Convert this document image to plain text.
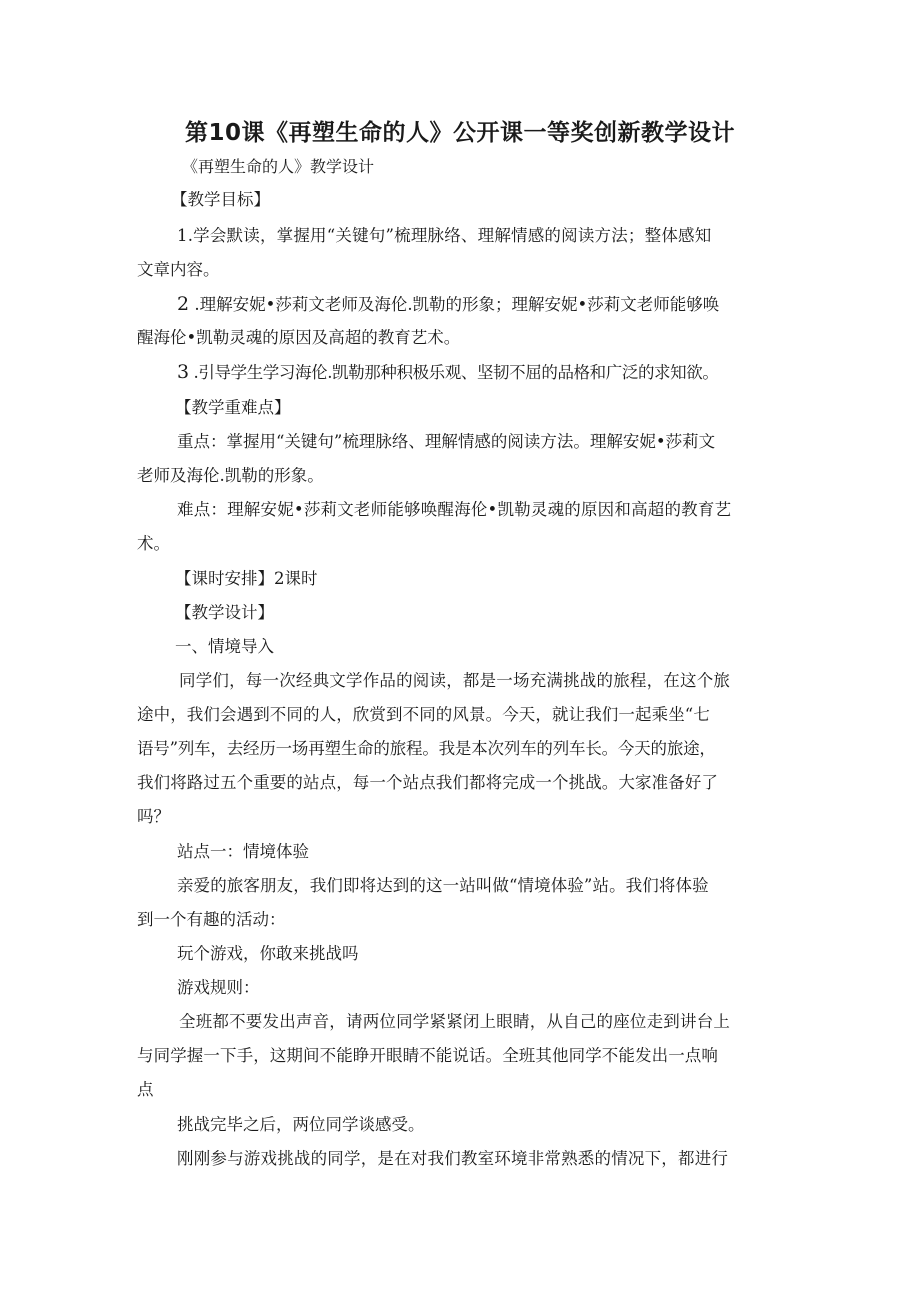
第10课《再塑生命的人》公开课一等奖创新教学设计

《再塑生命的人》教学设计

【教学目标】

1.学会默读，掌握用“关键句”梳理脉络、理解情感的阅读方法；整体感知

文章内容。

2 .理解安妮•莎莉文老师及海伦.凯勒的形象；理解安妮•莎莉文老师能够唤

醒海伦•凯勒灵魂的原因及高超的教育艺术。

3 .引导学生学习海伦.凯勒那种积极乐观、坚韧不屈的品格和广泛的求知欲。

【教学重难点】

重点：掌握用“关键句”梳理脉络、理解情感的阅读方法。理解安妮•莎莉文

老师及海伦.凯勒的形象。

难点：理解安妮•莎莉文老师能够唤醒海伦•凯勒灵魂的原因和高超的教育艺

术。

【课时安排】2课时

【教学设计】

一、情境导入

同学们，每一次经典文学作品的阅读，都是一场充满挑战的旅程，在这个旅

途中，我们会遇到不同的人，欣赏到不同的风景。今天，就让我们一起乘坐“七

语号”列车，去经历一场再塑生命的旅程。我是本次列车的列车长。今天的旅途，

我们将路过五个重要的站点，每一个站点我们都将完成一个挑战。大家准备好了

吗？

站点一：情境体验

亲爱的旅客朋友，我们即将达到的这一站叫做“情境体验”站。我们将体验

到一个有趣的活动：

玩个游戏，你敢来挑战吗

游戏规则：

全班都不要发出声音，请两位同学紧紧闭上眼睛，从自己的座位走到讲台上

与同学握一下手，这期间不能睁开眼睛不能说话。全班其他同学不能发出一点响

点

挑战完毕之后，两位同学谈感受。

刚刚参与游戏挑战的同学，是在对我们教室环境非常熟悉的情况下，都进行
